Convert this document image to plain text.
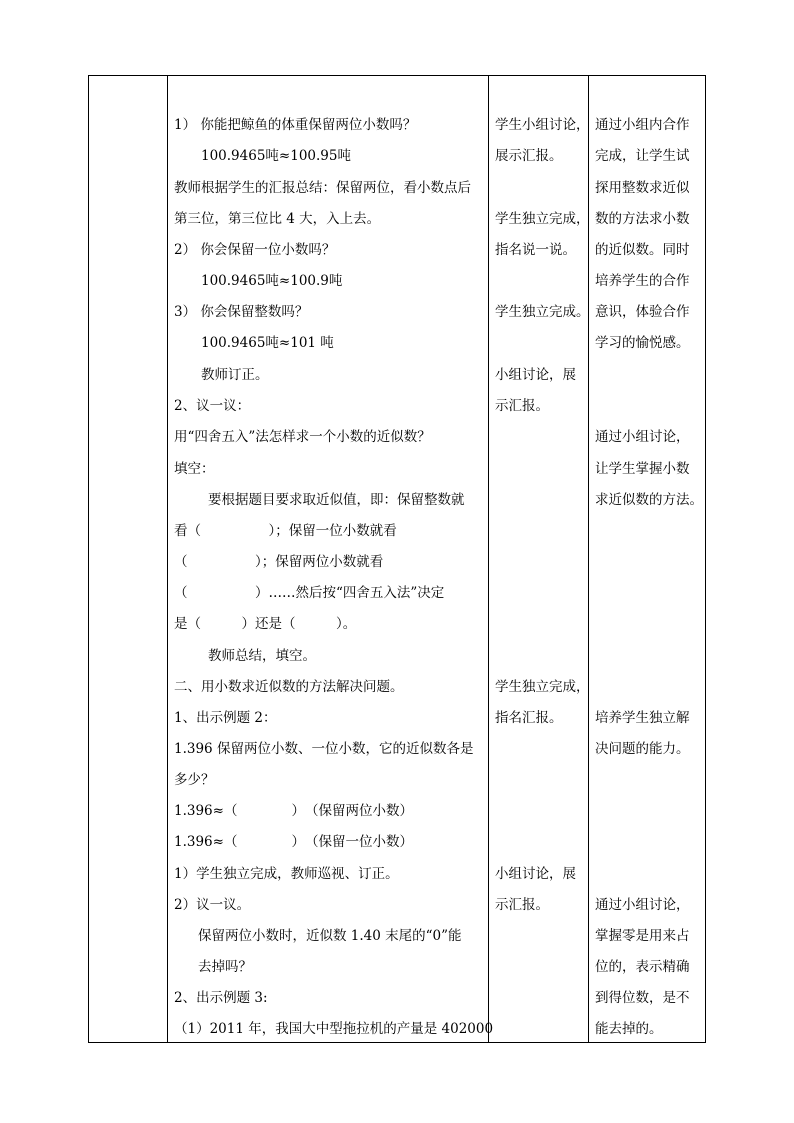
1） 你能把鲸鱼的体重保留两位小数吗？
100.9465吨≈100.95吨
教师根据学生的汇报总结：保留两位，看小数点后
第三位，第三位比 4 大，入上去。
2） 你会保留一位小数吗？
100.9465吨≈100.9吨
3） 你会保留整数吗？
100.9465吨≈101 吨
教师订正。
2、议一议：
用“四舍五入”法怎样求一个小数的近似数？
填空：
要根据题目要求取近似值，即：保留整数就
看（　　　　　）；保留一位小数就看
（　　　　　）；保留两位小数就看
（　　　　　）……然后按“四舍五入法”决定
是（　　　）还是（　　　）。
教师总结，填空。
二、用小数求近似数的方法解决问题。
1、出示例题 2：
1.396 保留两位小数、一位小数，它的近似数各是
多少？
1.396≈（　　　　）　（保留两位小数）
1.396≈（　　　　）　（保留一位小数）
1）学生独立完成，教师巡视、订正。
2）议一议。
保留两位小数时，近似数 1.40 末尾的“0”能
去掉吗？
2、出示例题 3:
（1）2011 年，我国大中型拖拉机的产量是 402000
学生小组讨论，
展示汇报。
学生独立完成，
指名说一说。
学生独立完成。
小组讨论，展
示汇报。
学生独立完成，
指名汇报。
小组讨论，展
示汇报。
通过小组内合作
完成，让学生试
探用整数求近似
数的方法求小数
的近似数。同时
培养学生的合作
意识，体验合作
学习的愉悦感。
通过小组讨论，
让学生掌握小数
求近似数的方法。
培养学生独立解
决问题的能力。
通过小组讨论，
掌握零是用来占
位的，表示精确
到得位数，是不
能去掉的。
